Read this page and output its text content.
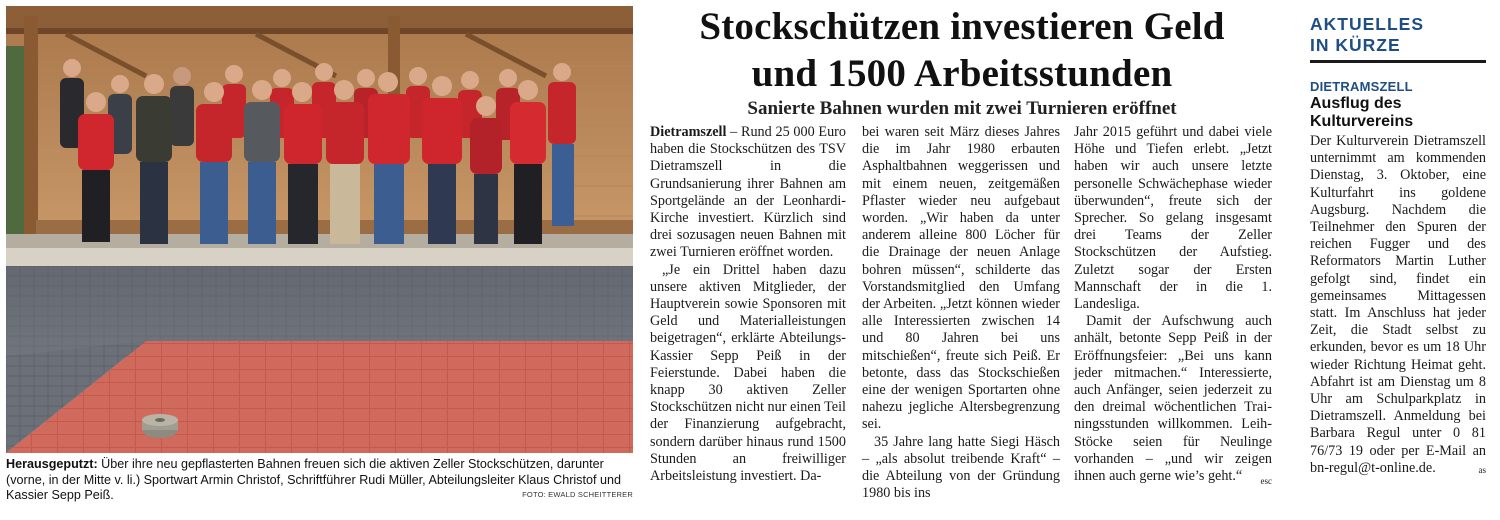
Herausgeputzt: Über ihre neu gepflasterten Bahnen freuen sich die aktiven Zeller Stockschützen, darunter (vorne, in der Mitte v. li.) Sportwart Armin Christof, Schriftführer Rudi Müller, Abteilungsleiter Klaus Christof und Kassier Sepp Peiß.	FOTO: EWALD SCHEITTERER
Stockschützen investieren Geld
und 1500 Arbeitsstunden
Sanierte Bahnen wurden mit zwei Turnieren eröffnet

Dietramszell – Rund 25 000 Euro haben die Stockschützen des TSV Dietramszell in die Grundsanierung ihrer Bahnen am Sportgelände an der Leonhardi-Kirche investiert. Kürzlich sind drei sozusagen neuen Bahnen mit zwei Turnieren eröffnet worden.

„Je ein Drittel haben dazu unsere aktiven Mitglieder, der Hauptverein sowie Sponsoren mit Geld und Materialleistungen beigetragen“, erklärte Abteilungs-Kassier Sepp Peiß in der Feierstunde. Dabei haben die knapp 30 aktiven Zeller Stockschützen nicht nur einen Teil der Finanzierung aufgebracht, sondern darüber hinaus rund 1500 Stunden an freiwilliger Arbeitsleistung investiert. Da-

bei waren seit März dieses Jahres die im Jahr 1980 erbauten Asphaltbahnen weggerissen und mit einem neuen, zeitgemäßen Pflaster wieder neu aufgebaut worden. „Wir haben da unter anderem alleine 800 Löcher für die Drainage der neuen Anlage bohren müssen“, schilderte das Vorstandsmitglied den Umfang der Arbeiten. „Jetzt können wieder alle Interessierten zwischen 14 und 80 Jahren bei uns mitschießen“, freute sich Peiß. Er betonte, dass das Stockschießen eine der wenigen Sportarten ohne nahezu jegliche Altersbegrenzung sei.

35 Jahre lang hatte Siegi Häsch – „als absolut treibende Kraft“ – die Abteilung von der Gründung 1980 bis ins

Jahr 2015 geführt und dabei viele Höhe und Tiefen erlebt. „Jetzt haben wir auch unsere letzte personelle Schwächephase wieder überwunden“, freute sich der Sprecher. So gelang insgesamt drei Teams der Zeller Stockschützen der Aufstieg. Zuletzt sogar der Ersten Mannschaft der in die 1. Landesliga.

Damit der Aufschwung auch anhält, betonte Sepp Peiß in der Eröffnungsfeier: „Bei uns kann jeder mitmachen.“ Interessierte, auch Anfänger, seien jederzeit zu den dreimal wöchentlichen Trainingsstunden willkommen. Leih-Stöcke seien für Neulinge vorhanden – „und wir zeigen ihnen auch gerne wie’s geht.“	esc
AKTUELLES
IN KÜRZE
DIETRAMSZELL
Ausflug des Kulturvereins
Der Kulturverein Dietramszell unternimmt am kommenden Dienstag, 3. Oktober, eine Kulturfahrt ins goldene Augsburg. Nachdem die Teilnehmer den Spuren der reichen Fugger und des Reformators Martin Luther gefolgt sind, findet ein gemeinsames Mittagessen statt. Im Anschluss hat jeder Zeit, die Stadt selbst zu erkunden, bevor es um 18 Uhr wieder Richtung Heimat geht. Abfahrt ist am Dienstag um 8 Uhr am Schulparkplatz in Dietramszell. Anmeldung bei Barbara Regul unter 0 81 76/73 19 oder per E-Mail an bn-regul@t-online.de.	as
